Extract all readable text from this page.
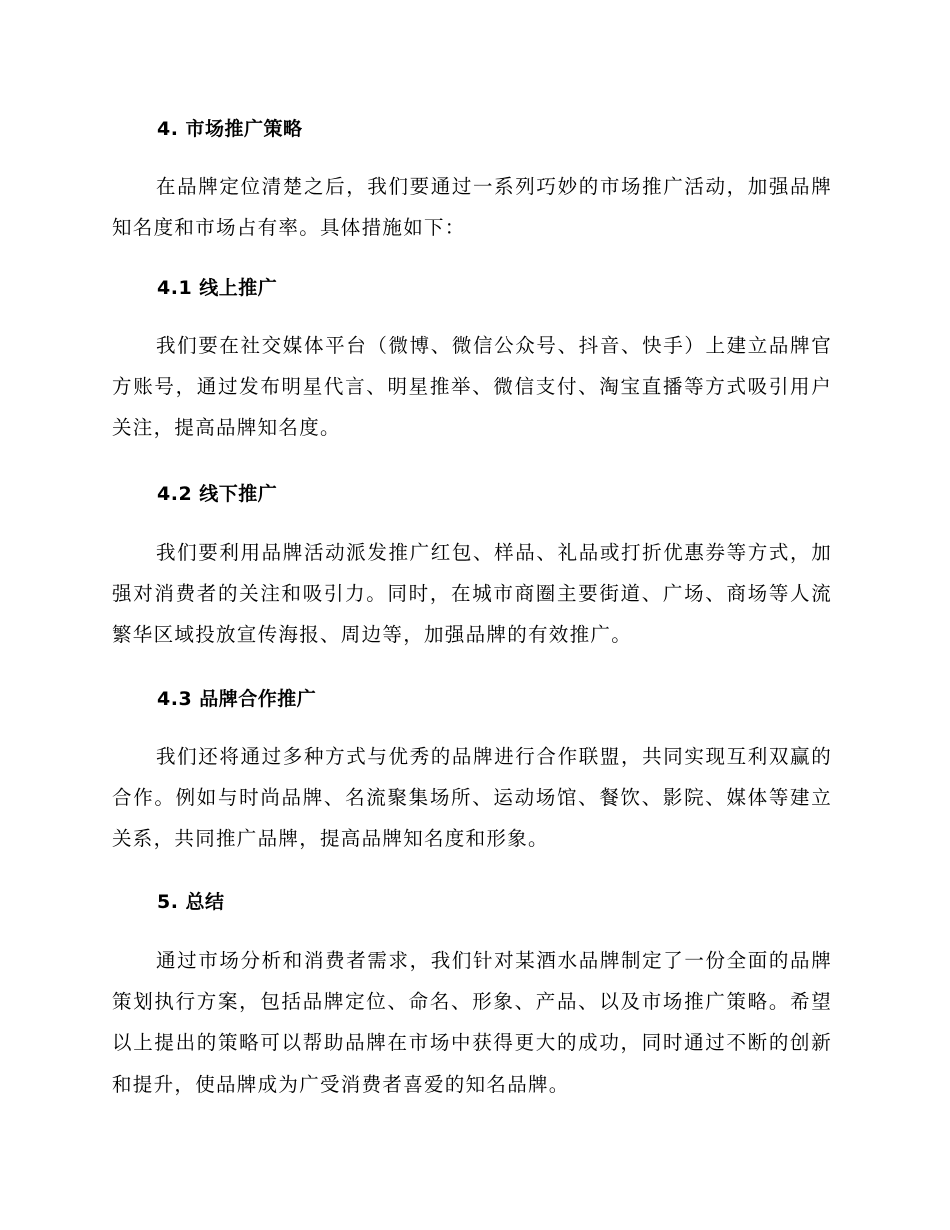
4. 市场推广策略
在品牌定位清楚之后，我们要通过一系列巧妙的市场推广活动，加强品牌知名度和市场占有率。具体措施如下：
4.1 线上推广
我们要在社交媒体平台（微博、微信公众号、抖音、快手）上建立品牌官方账号，通过发布明星代言、明星推举、微信支付、淘宝直播等方式吸引用户关注，提高品牌知名度。
4.2 线下推广
我们要利用品牌活动派发推广红包、样品、礼品或打折优惠券等方式，加强对消费者的关注和吸引力。同时，在城市商圈主要街道、广场、商场等人流繁华区域投放宣传海报、周边等，加强品牌的有效推广。
4.3 品牌合作推广
我们还将通过多种方式与优秀的品牌进行合作联盟，共同实现互利双赢的合作。例如与时尚品牌、名流聚集场所、运动场馆、餐饮、影院、媒体等建立关系，共同推广品牌，提高品牌知名度和形象。
5. 总结
通过市场分析和消费者需求，我们针对某酒水品牌制定了一份全面的品牌策划执行方案，包括品牌定位、命名、形象、产品、以及市场推广策略。希望以上提出的策略可以帮助品牌在市场中获得更大的成功，同时通过不断的创新和提升，使品牌成为广受消费者喜爱的知名品牌。
